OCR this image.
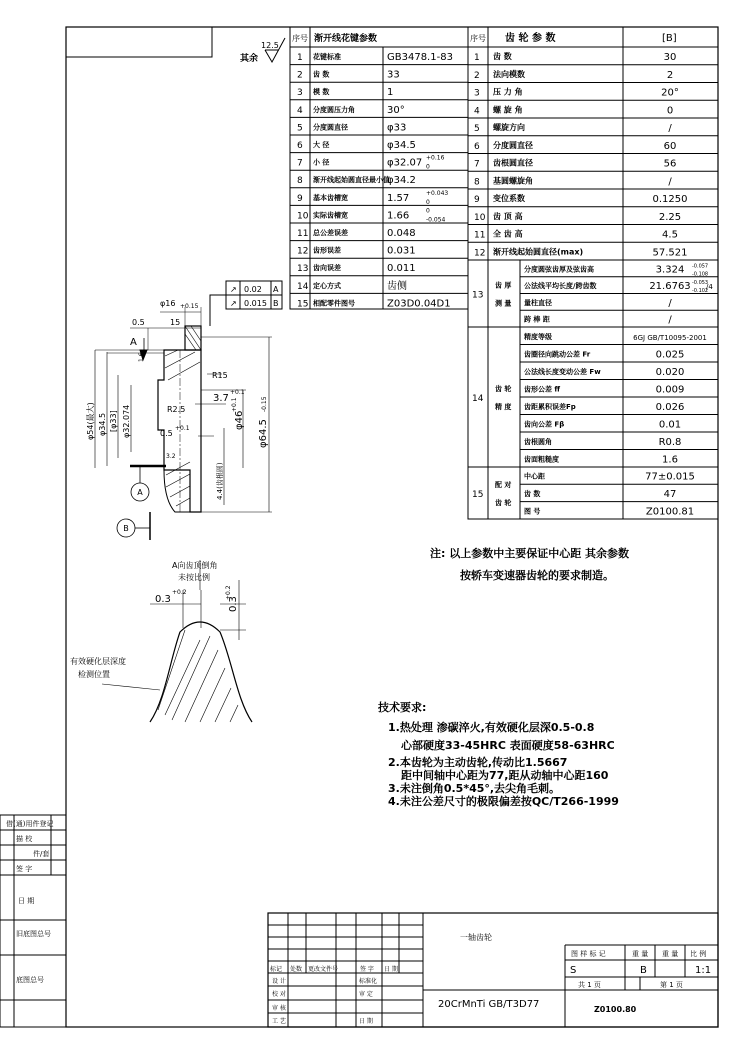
其余
12.5
序号 渐开线花键参数
1 花键标准	GB3478.1-83
2 齿 数	33
3 模 数	1
4 分度圆压力角	30°
5 分度圆直径	φ33
6 大 径	φ34.5
7 小 径	φ32.07 +0.16
0
8 渐开线起始圆直径最小值
φ34.2
9 基本齿槽宽	1.57	+0.043
0
10 实际齿槽宽	1.66	0
-0.054
11 总公差误差	0.048
12 齿形误差	0.031
13 齿向误差	0.011
14 定心方式	齿侧
15 相配零件图号	Z03D0.04D1
序号 齿 轮 参 数	[B]
1 齿 数	30
2 法向模数	2
3 压 力 角	20°
4 螺 旋 角	0
5 螺旋方向	/
6 分度圆直径	60
7 齿根圆直径	56
8 基圆螺旋角	/
9 变位系数	0.1250
10 齿 顶 高	2.25
11 全 齿 高	4.5
12 渐开线起始圆直径(max)	57.521
13
齿 厚
测 量
分度圆弦齿厚及弦齿高	3.324 -0.057
-0.108
公法线平均长度/跨齿数	21.6763 -0.053
-0.102
量柱直径	/
跨 棒 距	/
14
齿 轮
精 度
精度等级	6GJ GB/T10095-2001
齿圈径向跳动公差 Fr	0.025
公法线长度变动公差 Fw	0.020
齿形公差 ff	0.009
齿距累积误差Fp	0.026
齿向公差 Fβ	0.01
齿根圆角	R0.8
齿面粗糙度	1.6
15
配 对
齿 轮
中心距	77±0.015
齿 数	47
图 号	Z0100.81
/4
↗ 0.02 A
↗ 0.015 B
φ16 +0.15
15
0.5
A
R15
3.7
+0.1
R2.5
0.5
+0.1
A
B
φ46
+0.1
φ64.5
-0.15
φ54(最大) φ34.5 [φ33] φ32.074
4.4(齿根圆)
1.6
3.2
A向齿顶倒角
未按比例
0.3
+0.2
0.3
+0.2
有效硬化层深度
检测位置
注: 以上参数中主要保证中心距 其余参数
按轿车变速器齿轮的要求制造。
技术要求:
1.热处理 渗碳淬火,有效硬化层深0.5-0.8
心部硬度33-45HRC 表面硬度58-63HRC
2.本齿轮为主动齿轮,传动比1.5667
距中间轴中心距为77,距从动轴中心距160
3.未注倒角0.5*45°,去尖角毛刺。
4.未注公差尺寸的极限偏差按QC/T266-1999
借(通)用件登记
描 校
件/套
签 字
日 期
旧底图总号
底图总号
一轴齿轮
20CrMnTi GB/T3D77	Z0100.80
图 样 标 记	重 量 重 量 比 例
S	B	1:1
共 1 页	第 1 页
标记 处数 更改文件号	签 字 日 期
设 计
校 对
审 核
工 艺
标准化
审 定
日 期
